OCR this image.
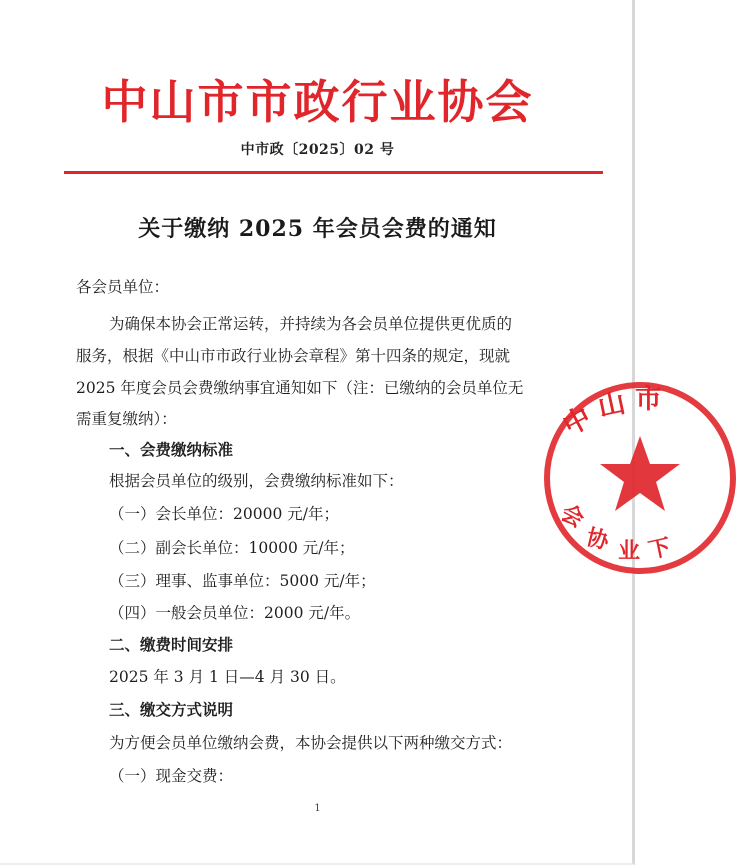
中山市市政行业协会
中市政〔2025〕02 号
关于缴纳 2025 年会员会费的通知
各会员单位：
为确保本协会正常运转，并持续为各会员单位提供更优质的
服务，根据《中山市市政行业协会章程》第十四条的规定，现就
2025 年度会员会费缴纳事宜通知如下（注：已缴纳的会员单位无
需重复缴纳）：
一、会费缴纳标准
根据会员单位的级别，会费缴纳标准如下：
（一）会长单位：20000 元/年；
（二）副会长单位：10000 元/年；
（三）理事、监事单位：5000 元/年；
（四）一般会员单位：2000 元/年。
二、缴费时间安排
2025 年 3 月 1 日—4 月 30 日。
三、缴交方式说明
为方便会员单位缴纳会费，本协会提供以下两种缴交方式：
（一）现金交费：
1
中
山 市
会
协 业 下
